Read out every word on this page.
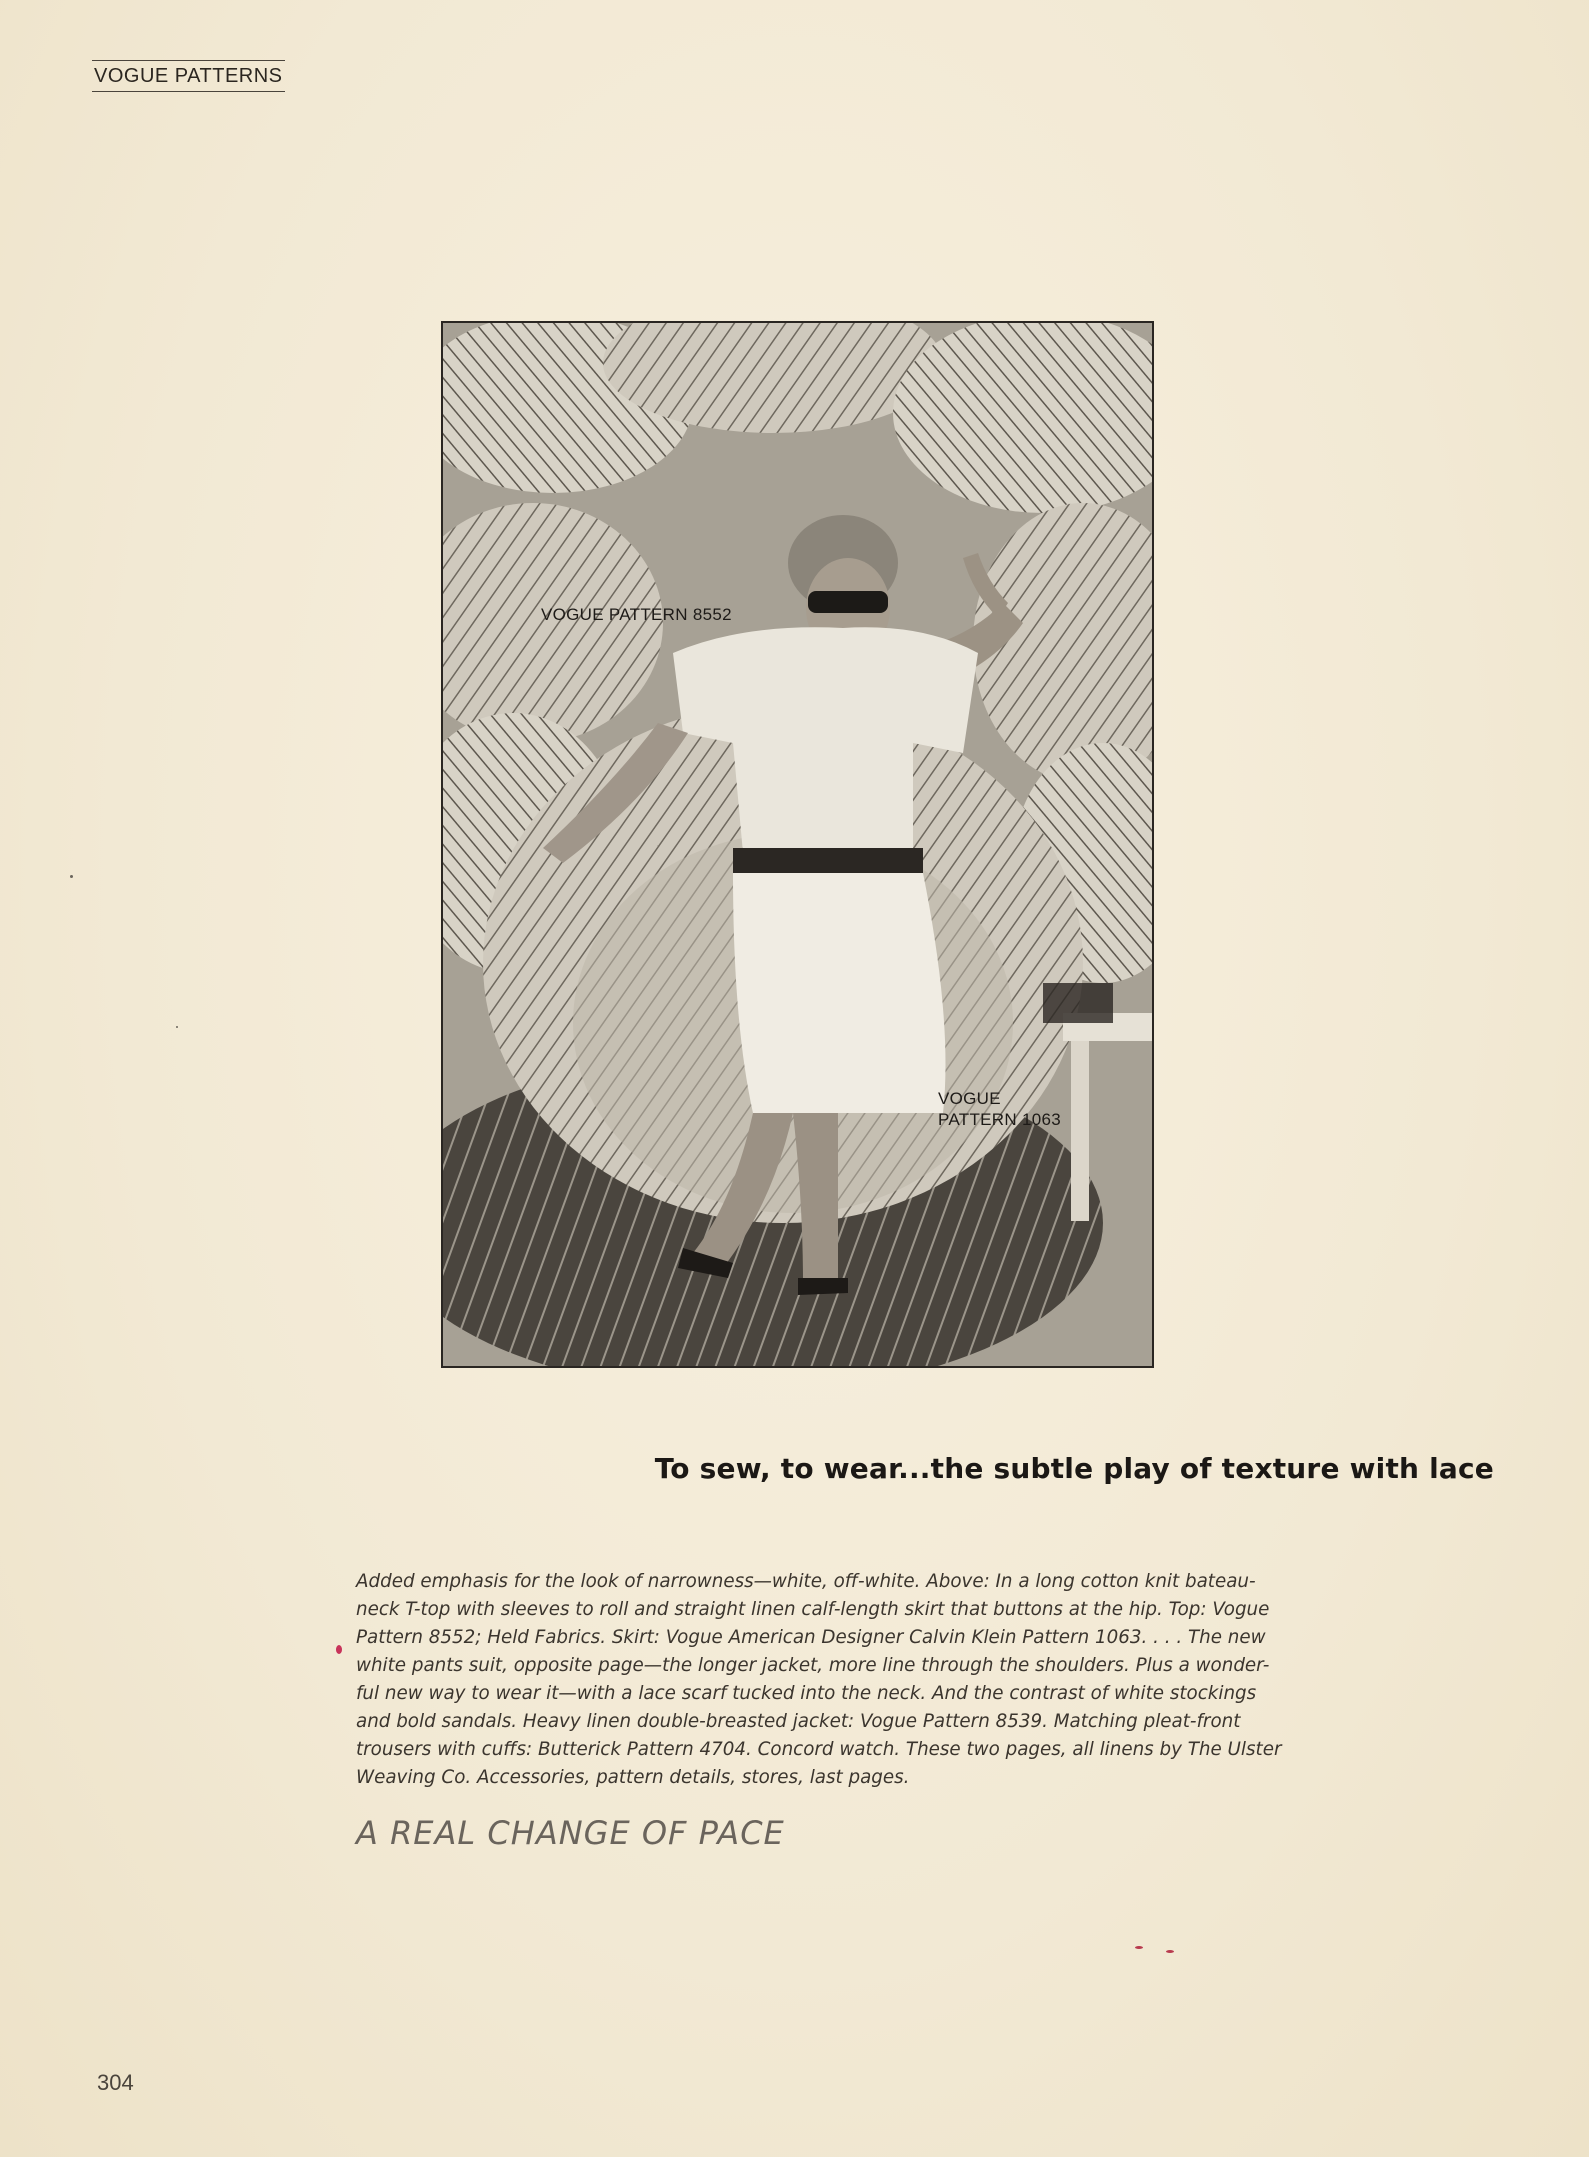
VOGUE PATTERNS
VOGUE PATTERN 8552
VOGUE
PATTERN 1063
To sew, to wear...the subtle play of texture with lace
Added emphasis for the look of narrowness—white, off-white. Above: In a long cotton knit bateau-
neck T-top with sleeves to roll and straight linen calf-length skirt that buttons at the hip. Top: Vogue
Pattern 8552; Held Fabrics. Skirt: Vogue American Designer Calvin Klein Pattern 1063. . . . The new
white pants suit, opposite page—the longer jacket, more line through the shoulders. Plus a wonder-
ful new way to wear it—with a lace scarf tucked into the neck. And the contrast of white stockings
and bold sandals. Heavy linen double-breasted jacket: Vogue Pattern 8539. Matching pleat-front
trousers with cuffs: Butterick Pattern 4704. Concord watch. These two pages, all linens by The Ulster
Weaving Co. Accessories, pattern details, stores, last pages.
A REAL CHANGE OF PACE
304
